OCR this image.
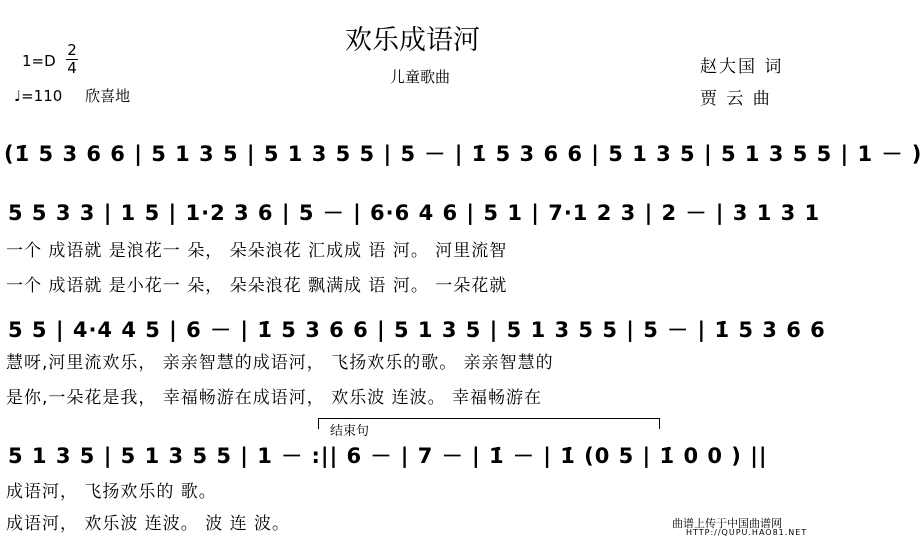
欢乐成语河
儿童歌曲
1=D
2
4
♩=110 欣喜地
赵大国 词
贾 云 曲
(1̇ 5 3 6 6 | 5 1 3 5 | 5 1 3 5 5 | 5 － | 1̇ 5 3 6 6 | 5 1 3 5 | 5 1 3 5 5 | 1 － )
5 5 3 3 | 1 5 | 1·2 3 6 | 5 － | 6·6 4 6 | 5 1 | 7·1 2 3 | 2 － | 3 1 3 1
一个 成语就 是浪花一 朵， 朵朵浪花 汇成成 语 河。 河里流智
一个 成语就 是小花一 朵， 朵朵浪花 飘满成 语 河。 一朵花就
5 5 | 4·4 4 5 | 6 － | 1̇ 5 3 6 6 | 5 1 3 5 | 5 1 3 5 5 | 5 － | 1̇ 5 3 6 6
慧呀,河里流欢乐， 亲亲智慧的成语河， 飞扬欢乐的歌。 亲亲智慧的
是你,一朵花是我， 幸福畅游在成语河， 欢乐波 连波。 幸福畅游在
结束句
5 1 3 5 | 5 1 3 5 5 | 1 － :|| 6 － | 7 － | 1̇ － | 1̇ (0 5 | 1̇ 0 0 ) ||
成语河， 飞扬欢乐的 歌。
成语河， 欢乐波 连波。 波 连 波。	曲谱上传于中国曲谱网
HTTP://QUPU.HAO81.NET
